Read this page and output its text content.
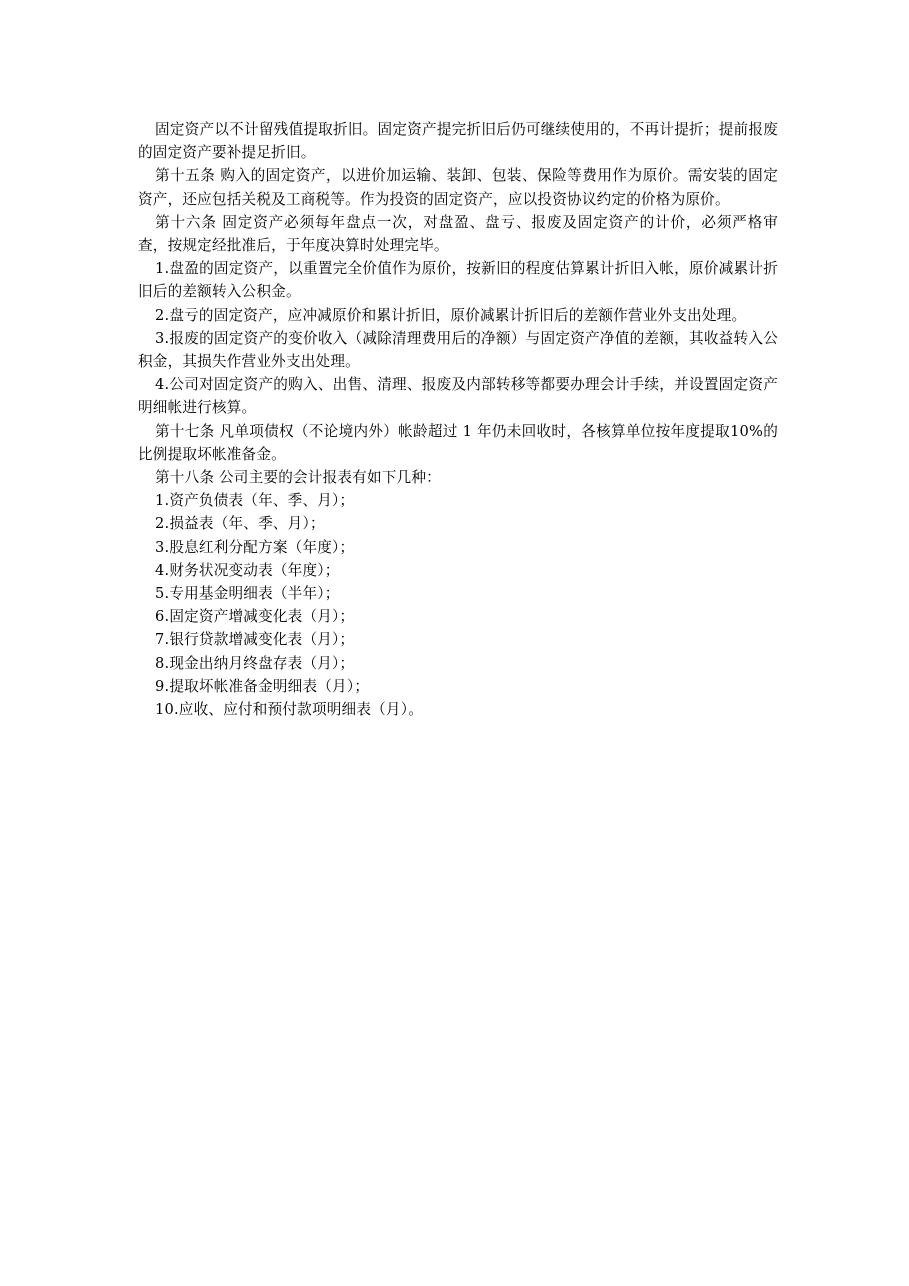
固定资产以不计留残值提取折旧。固定资产提完折旧后仍可继续使用的，不再计提折；提前报废的固定资产要补提足折旧。

第十五条 购入的固定资产，以进价加运输、装卸、包装、保险等费用作为原价。需安装的固定资产，还应包括关税及工商税等。作为投资的固定资产，应以投资协议约定的价格为原价。

第十六条 固定资产必须每年盘点一次，对盘盈、盘亏、报废及固定资产的计价，必须严格审查，按规定经批准后，于年度决算时处理完毕。

1.盘盈的固定资产，以重置完全价值作为原价，按新旧的程度估算累计折旧入帐，原价减累计折旧后的差额转入公积金。

2.盘亏的固定资产，应冲减原价和累计折旧，原价减累计折旧后的差额作营业外支出处理。

3.报废的固定资产的变价收入（减除清理费用后的净额）与固定资产净值的差额，其收益转入公积金，其损失作营业外支出处理。

4.公司对固定资产的购入、出售、清理、报废及内部转移等都要办理会计手续，并设置固定资产明细帐进行核算。

第十七条 凡单项债权（不论境内外）帐龄超过 1 年仍未回收时，各核算单位按年度提取10%的比例提取坏帐准备金。

第十八条 公司主要的会计报表有如下几种：

1.资产负债表（年、季、月）；

2.损益表（年、季、月）；

3.股息红利分配方案（年度）；

4.财务状况变动表（年度）；

5.专用基金明细表（半年）；

6.固定资产增减变化表（月）；

7.银行贷款增减变化表（月）；

8.现金出纳月终盘存表（月）；

9.提取坏帐准备金明细表（月）；

10.应收、应付和预付款项明细表（月）。
